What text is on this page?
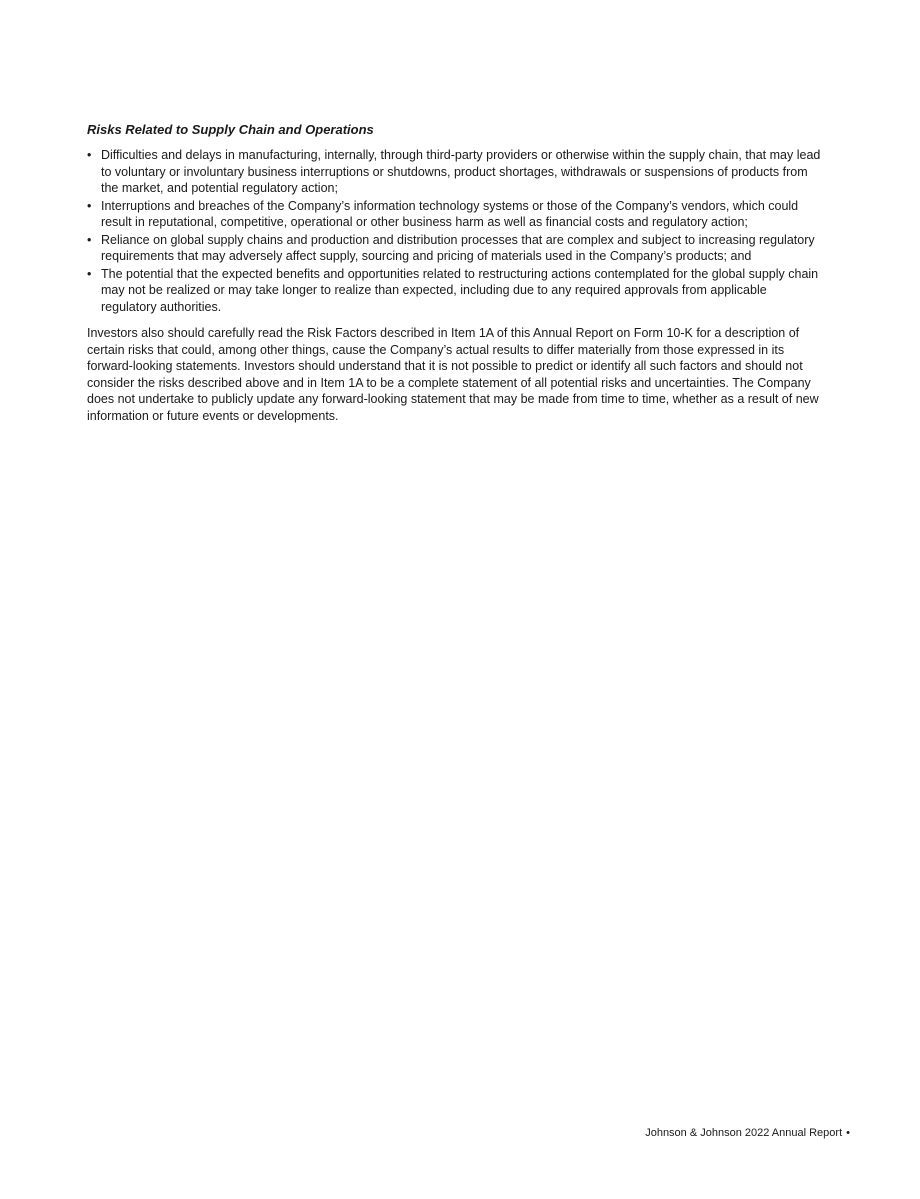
Risks Related to Supply Chain and Operations
• Difficulties and delays in manufacturing, internally, through third-party providers or otherwise within the supply chain, that may lead to voluntary or involuntary business interruptions or shutdowns, product shortages, withdrawals or suspensions of products from the market, and potential regulatory action;
• Interruptions and breaches of the Company’s information technology systems or those of the Company’s vendors, which could result in reputational, competitive, operational or other business harm as well as financial costs and regulatory action;
• Reliance on global supply chains and production and distribution processes that are complex and subject to increasing regulatory requirements that may adversely affect supply, sourcing and pricing of materials used in the Company’s products; and
• The potential that the expected benefits and opportunities related to restructuring actions contemplated for the global supply chain may not be realized or may take longer to realize than expected, including due to any required approvals from applicable regulatory authorities.

Investors also should carefully read the Risk Factors described in Item 1A of this Annual Report on Form 10-K for a description of certain risks that could, among other things, cause the Company’s actual results to differ materially from those expressed in its forward-looking statements. Investors should understand that it is not possible to predict or identify all such factors and should not consider the risks described above and in Item 1A to be a complete statement of all potential risks and uncertainties. The Company does not undertake to publicly update any forward-looking statement that may be made from time to time, whether as a result of new information or future events or developments.

Johnson & Johnson 2022 Annual Report •
